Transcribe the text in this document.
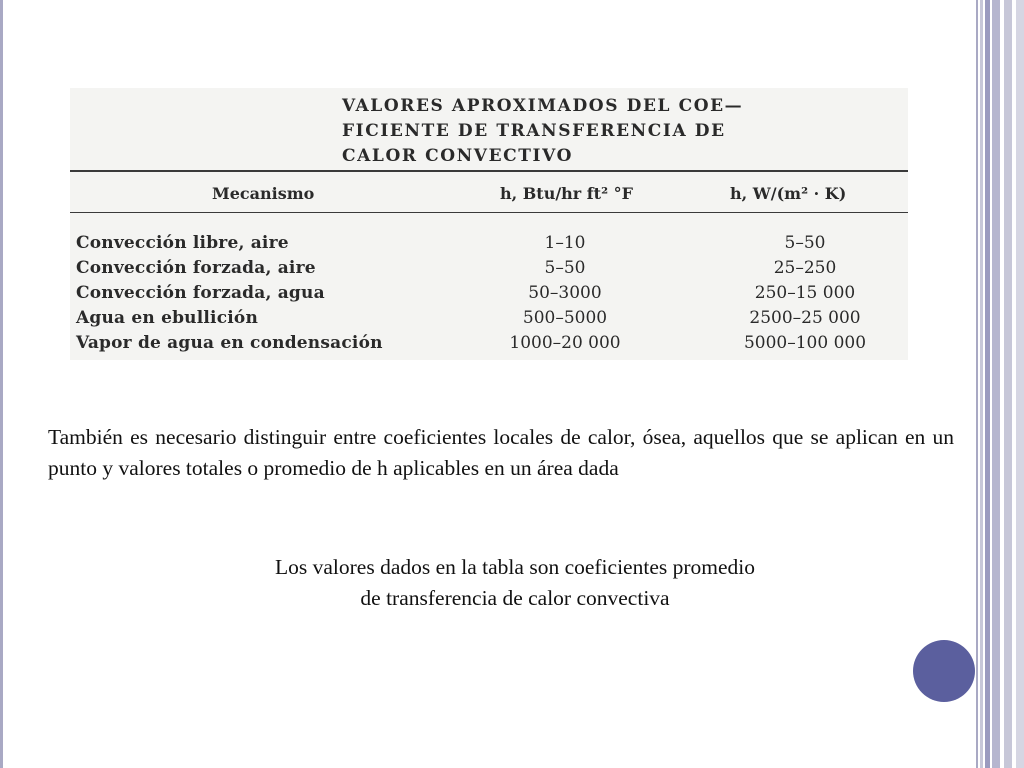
VALORES APROXIMADOS DEL COE—
FICIENTE DE TRANSFERENCIA DE
CALOR CONVECTIVO
Mecanismo	h, Btu/hr ft² °F	h, W/(m² · K)
Convección libre, aire	1–10	5–50
Convección forzada, aire	5–50	25–250
Convección forzada, agua	50–3000	250–15 000
Agua en ebullición	500–5000	2500–25 000
Vapor de agua en condensación	1000–20 000	5000–100 000

También es necesario distinguir entre coeficientes locales de calor, ósea, aquellos que se aplican en un punto y valores totales o promedio de h aplicables en un área dada

Los valores dados en la tabla son coeficientes promedio
de transferencia de calor convectiva
